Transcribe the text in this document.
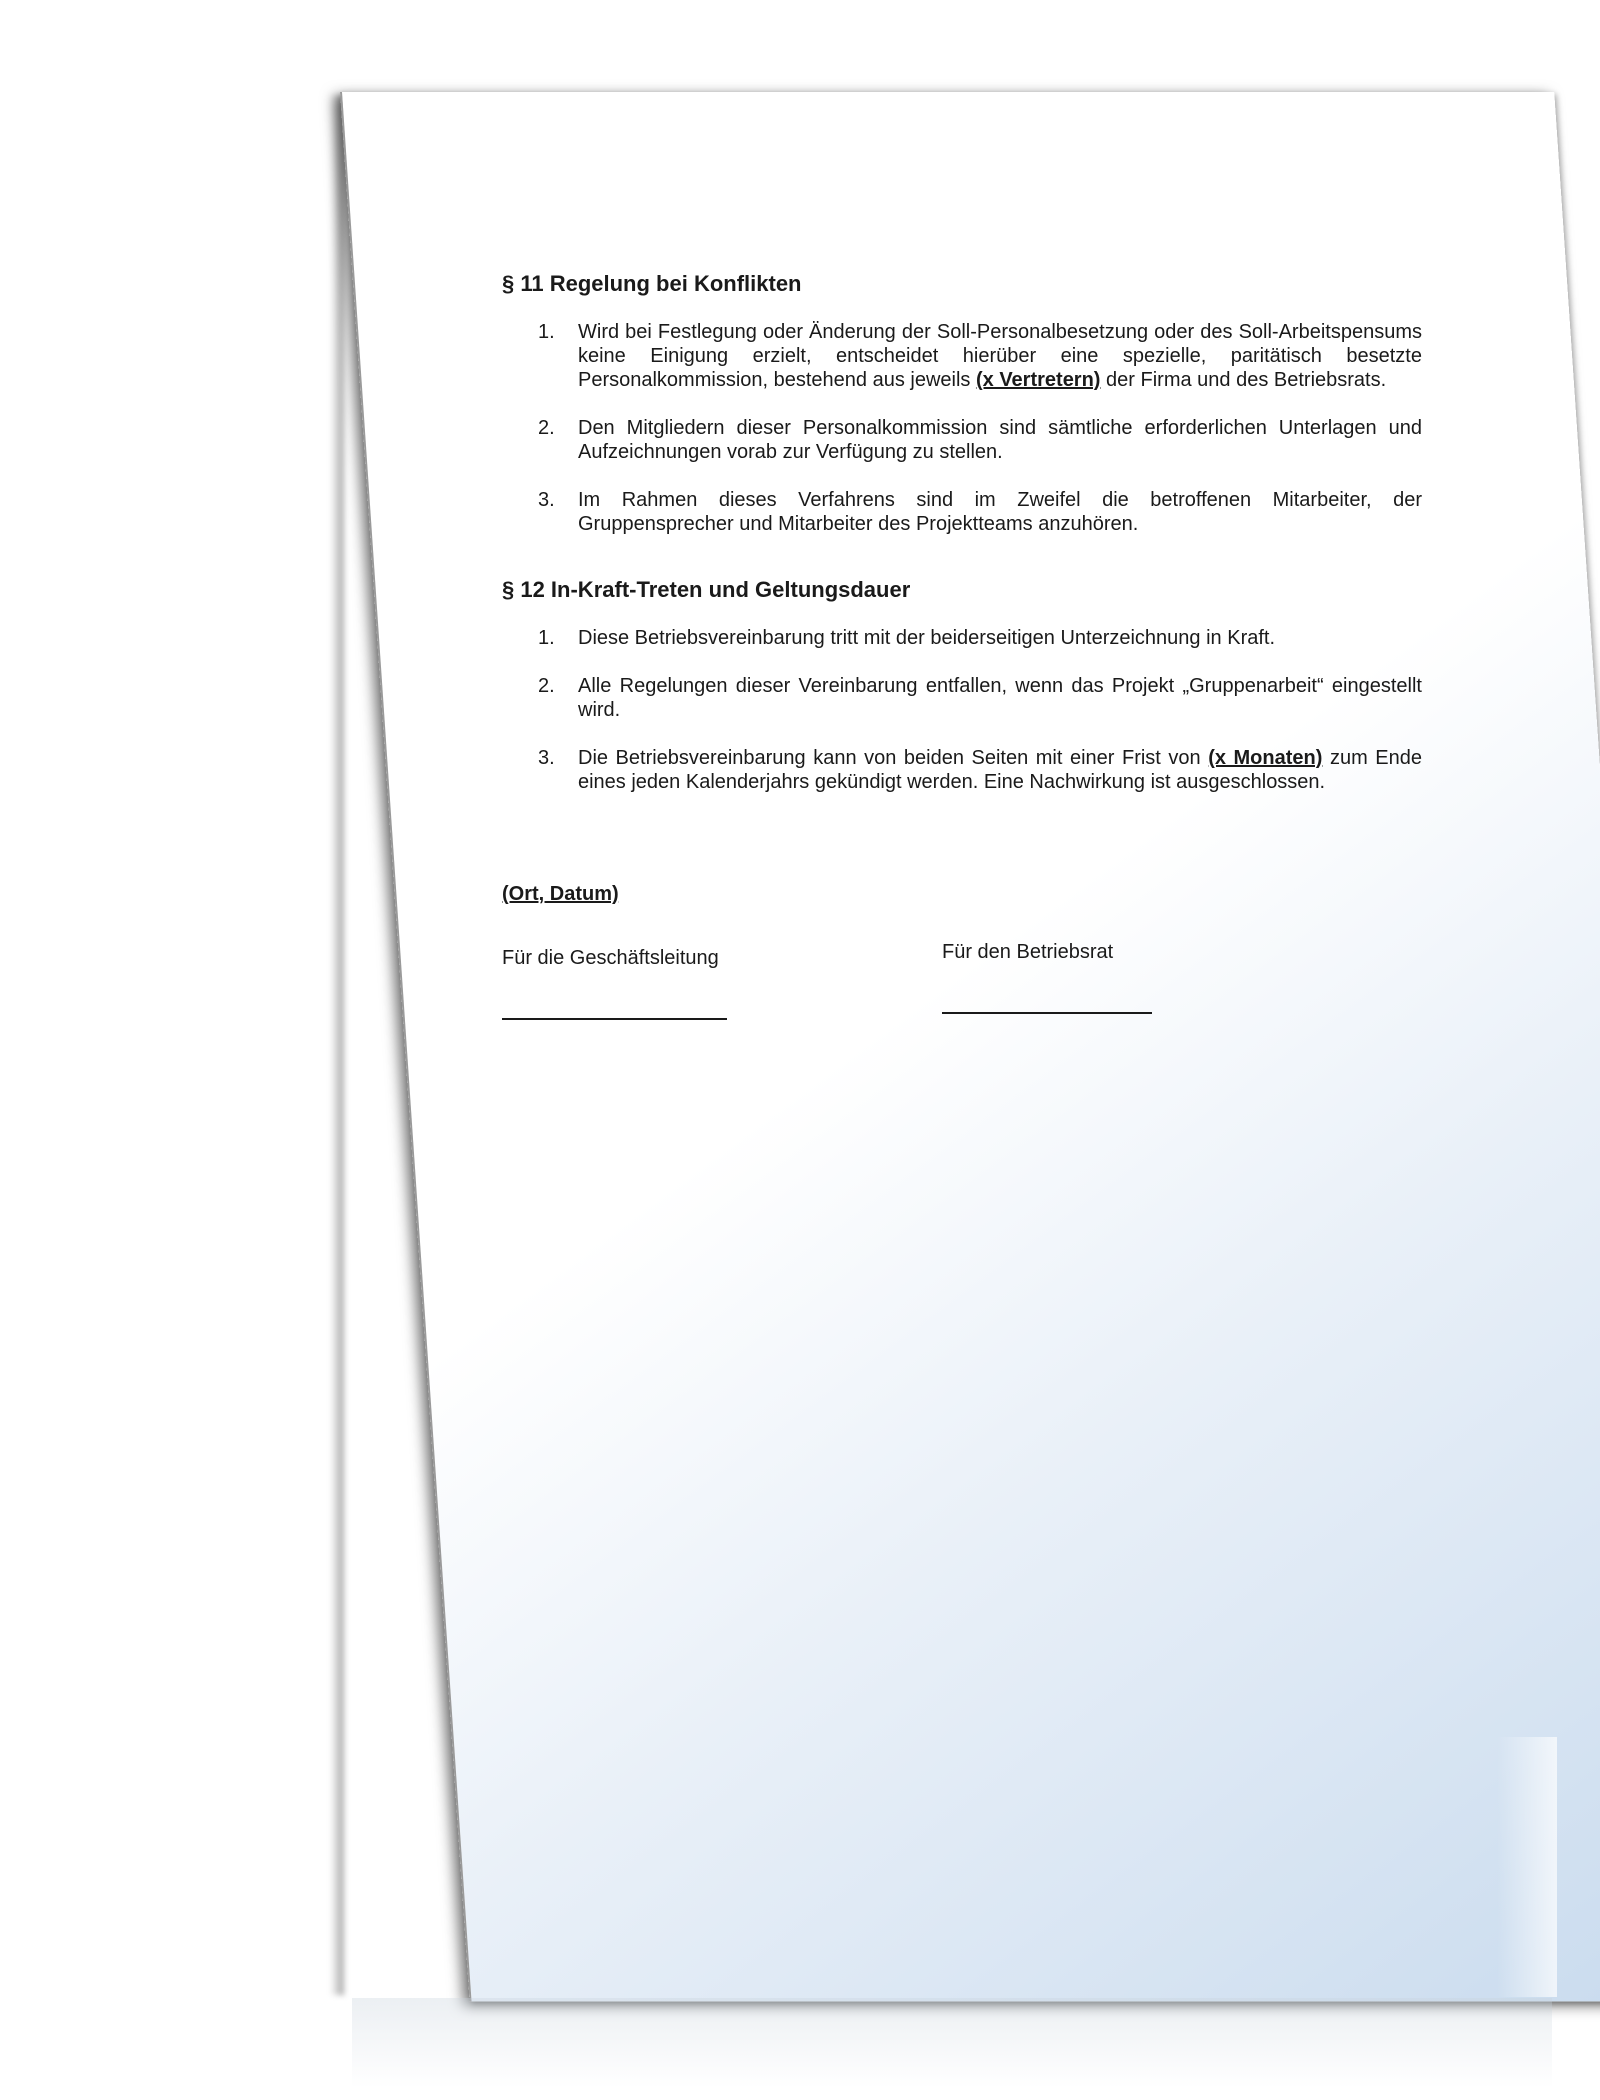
§ 11 Regelung bei Konflikten
1. Wird bei Festlegung oder Änderung der Soll-Personalbesetzung oder des Soll-Arbeitspensums keine Einigung erzielt, entscheidet hierüber eine spezielle, paritätisch besetzte Personalkommission, bestehend aus jeweils (x Vertretern) der Firma und des Betriebsrats.
2. Den Mitgliedern dieser Personalkommission sind sämtliche erforderlichen Unterlagen und Aufzeichnungen vorab zur Verfügung zu stellen.
3. Im Rahmen dieses Verfahrens sind im Zweifel die betroffenen Mitarbeiter, der Gruppensprecher und Mitarbeiter des Projektteams anzuhören.
§ 12 In-Kraft-Treten und Geltungsdauer
1. Diese Betriebsvereinbarung tritt mit der beiderseitigen Unterzeichnung in Kraft.
2. Alle Regelungen dieser Vereinbarung entfallen, wenn das Projekt „Gruppenarbeit“ eingestellt wird.
3. Die Betriebsvereinbarung kann von beiden Seiten mit einer Frist von (x Monaten) zum Ende eines jeden Kalenderjahrs gekündigt werden. Eine Nachwirkung ist ausgeschlossen.
(Ort, Datum)
Für die Geschäftsleitung	Für den Betriebsrat
